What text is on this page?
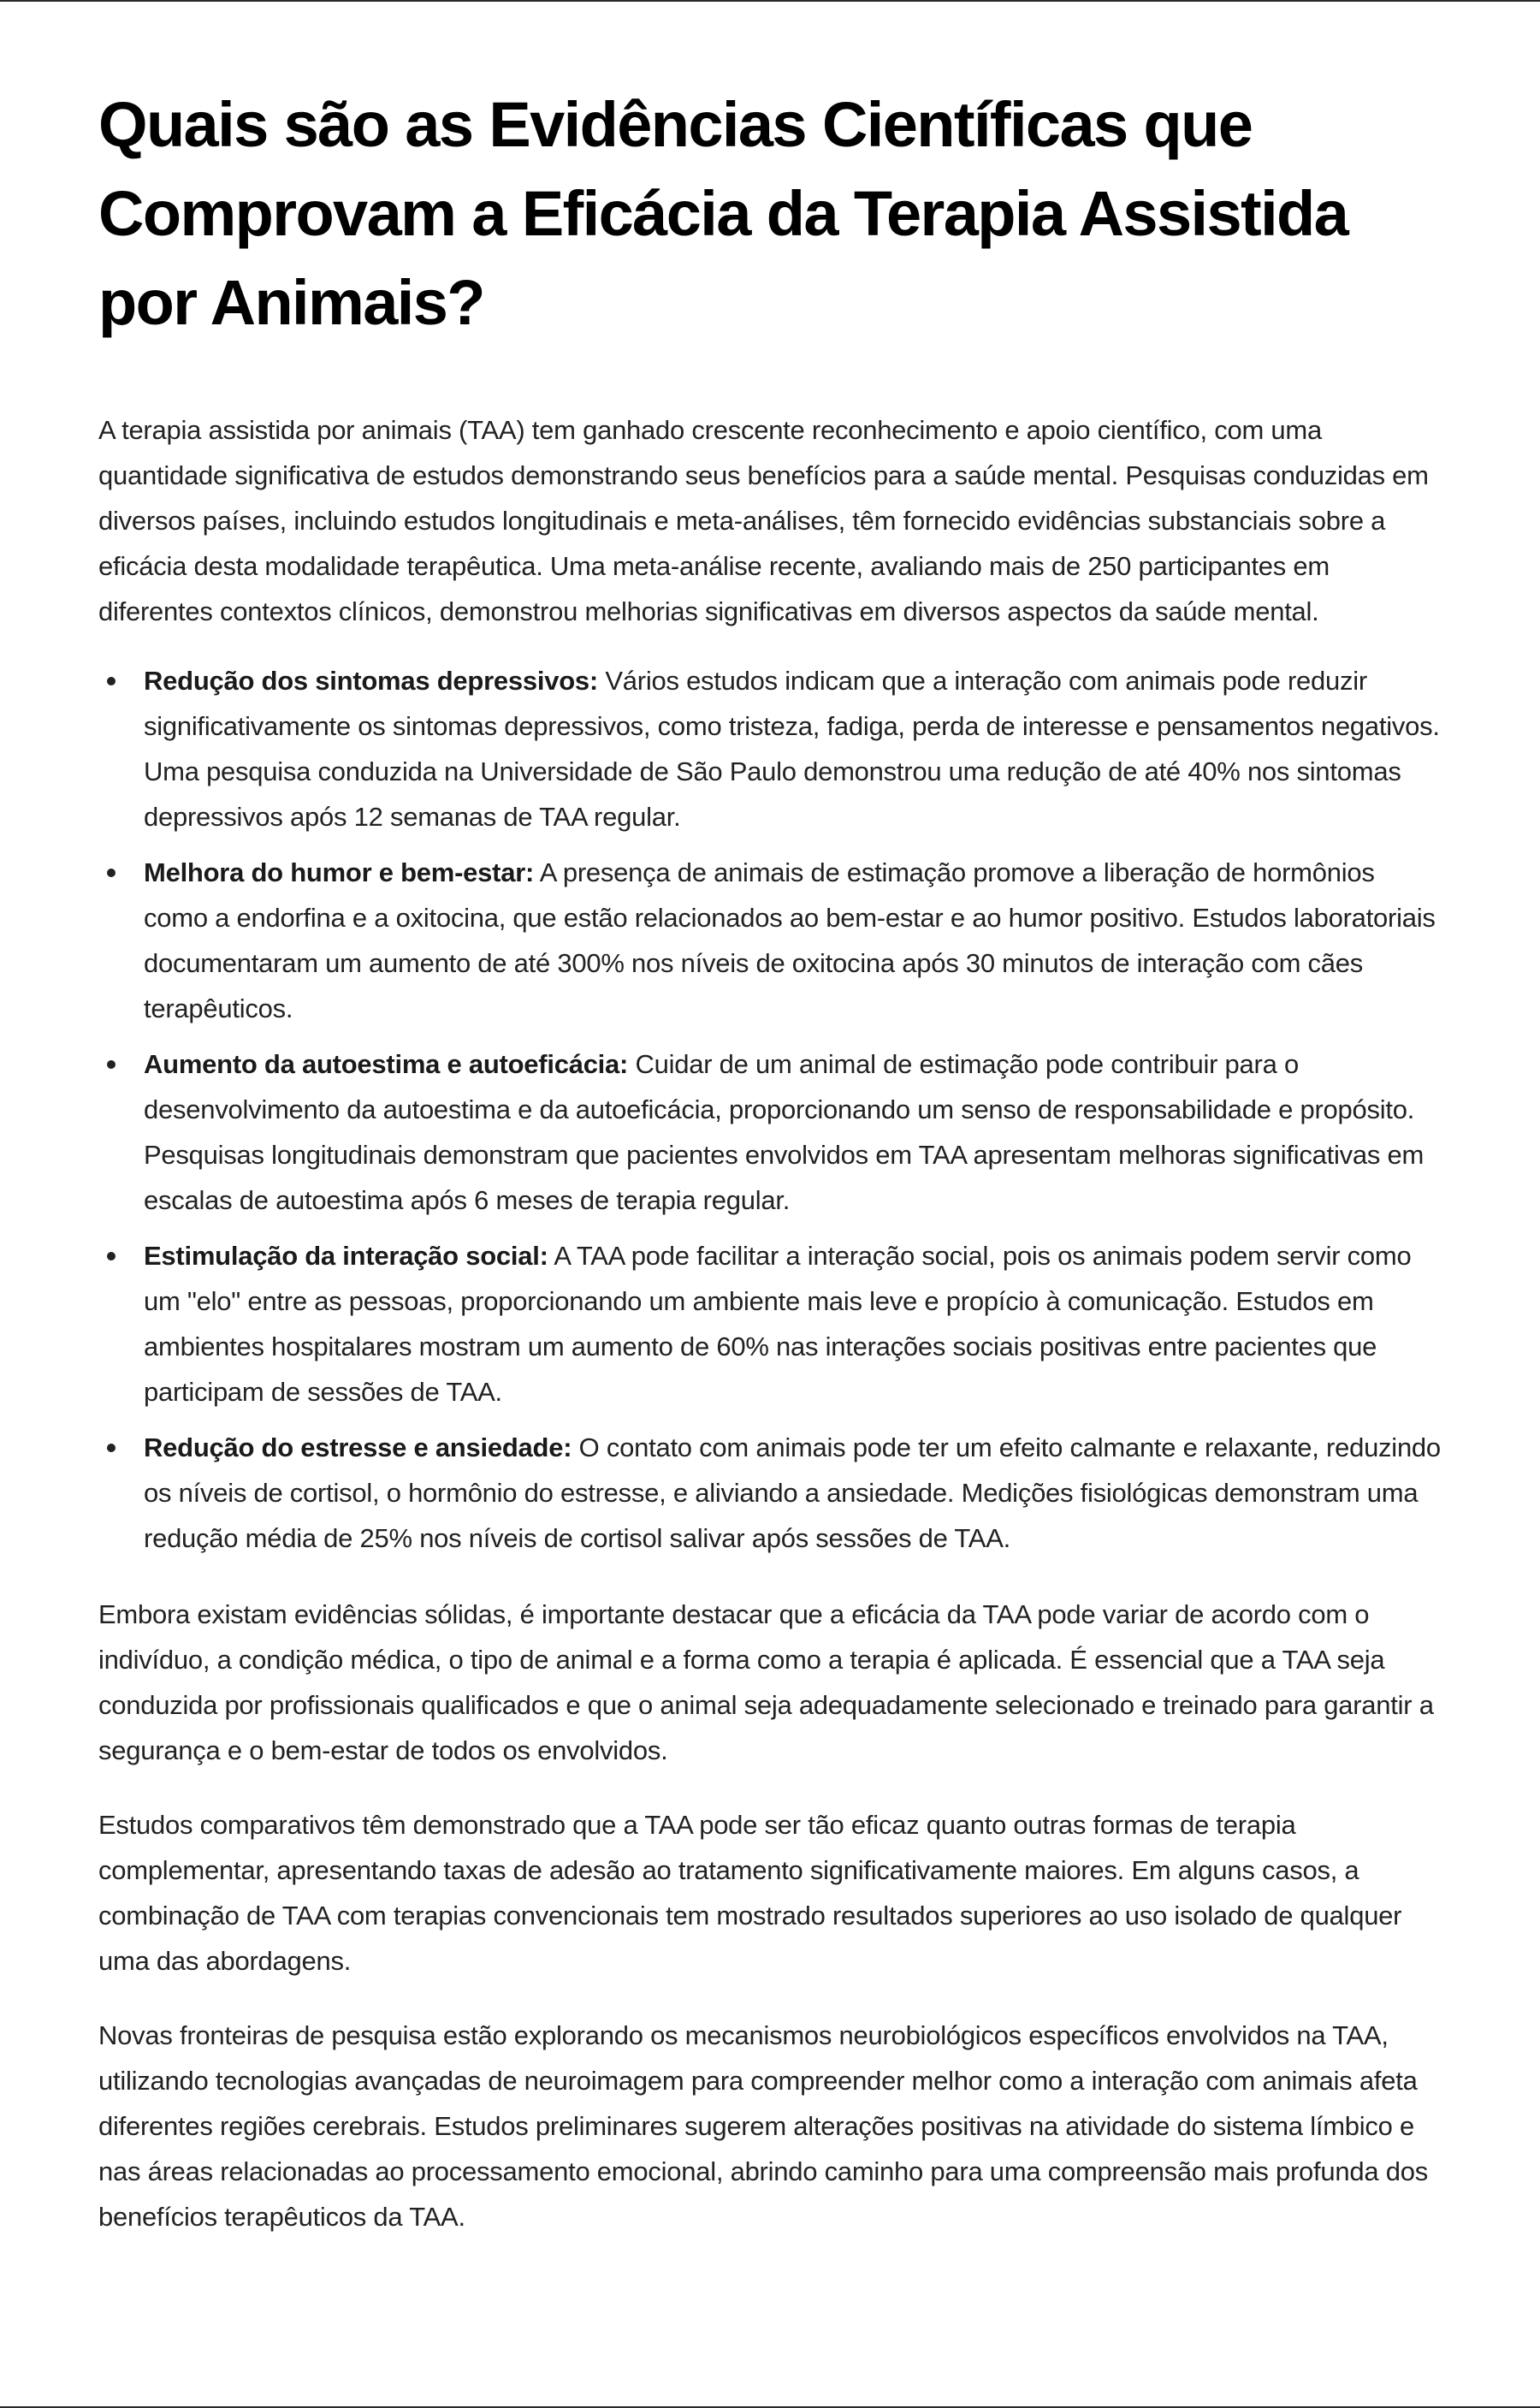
Quais são as Evidências Científicas que Comprovam a Eficácia da Terapia Assistida por Animais?

A terapia assistida por animais (TAA) tem ganhado crescente reconhecimento e apoio científico, com uma quantidade significativa de estudos demonstrando seus benefícios para a saúde mental. Pesquisas conduzidas em diversos países, incluindo estudos longitudinais e meta-análises, têm fornecido evidências substanciais sobre a eficácia desta modalidade terapêutica. Uma meta-análise recente, avaliando mais de 250 participantes em diferentes contextos clínicos, demonstrou melhorias significativas em diversos aspectos da saúde mental.

Redução dos sintomas depressivos: Vários estudos indicam que a interação com animais pode reduzir significativamente os sintomas depressivos, como tristeza, fadiga, perda de interesse e pensamentos negativos. Uma pesquisa conduzida na Universidade de São Paulo demonstrou uma redução de até 40% nos sintomas depressivos após 12 semanas de TAA regular.
Melhora do humor e bem-estar: A presença de animais de estimação promove a liberação de hormônios como a endorfina e a oxitocina, que estão relacionados ao bem-estar e ao humor positivo. Estudos laboratoriais documentaram um aumento de até 300% nos níveis de oxitocina após 30 minutos de interação com cães terapêuticos.
Aumento da autoestima e autoeficácia: Cuidar de um animal de estimação pode contribuir para o desenvolvimento da autoestima e da autoeficácia, proporcionando um senso de responsabilidade e propósito. Pesquisas longitudinais demonstram que pacientes envolvidos em TAA apresentam melhoras significativas em escalas de autoestima após 6 meses de terapia regular.
Estimulação da interação social: A TAA pode facilitar a interação social, pois os animais podem servir como um "elo" entre as pessoas, proporcionando um ambiente mais leve e propício à comunicação. Estudos em ambientes hospitalares mostram um aumento de 60% nas interações sociais positivas entre pacientes que participam de sessões de TAA.
Redução do estresse e ansiedade: O contato com animais pode ter um efeito calmante e relaxante, reduzindo os níveis de cortisol, o hormônio do estresse, e aliviando a ansiedade. Medições fisiológicas demonstram uma redução média de 25% nos níveis de cortisol salivar após sessões de TAA.

Embora existam evidências sólidas, é importante destacar que a eficácia da TAA pode variar de acordo com o indivíduo, a condição médica, o tipo de animal e a forma como a terapia é aplicada. É essencial que a TAA seja conduzida por profissionais qualificados e que o animal seja adequadamente selecionado e treinado para garantir a segurança e o bem-estar de todos os envolvidos.

Estudos comparativos têm demonstrado que a TAA pode ser tão eficaz quanto outras formas de terapia complementar, apresentando taxas de adesão ao tratamento significativamente maiores. Em alguns casos, a combinação de TAA com terapias convencionais tem mostrado resultados superiores ao uso isolado de qualquer uma das abordagens.

Novas fronteiras de pesquisa estão explorando os mecanismos neurobiológicos específicos envolvidos na TAA, utilizando tecnologias avançadas de neuroimagem para compreender melhor como a interação com animais afeta diferentes regiões cerebrais. Estudos preliminares sugerem alterações positivas na atividade do sistema límbico e nas áreas relacionadas ao processamento emocional, abrindo caminho para uma compreensão mais profunda dos benefícios terapêuticos da TAA.
